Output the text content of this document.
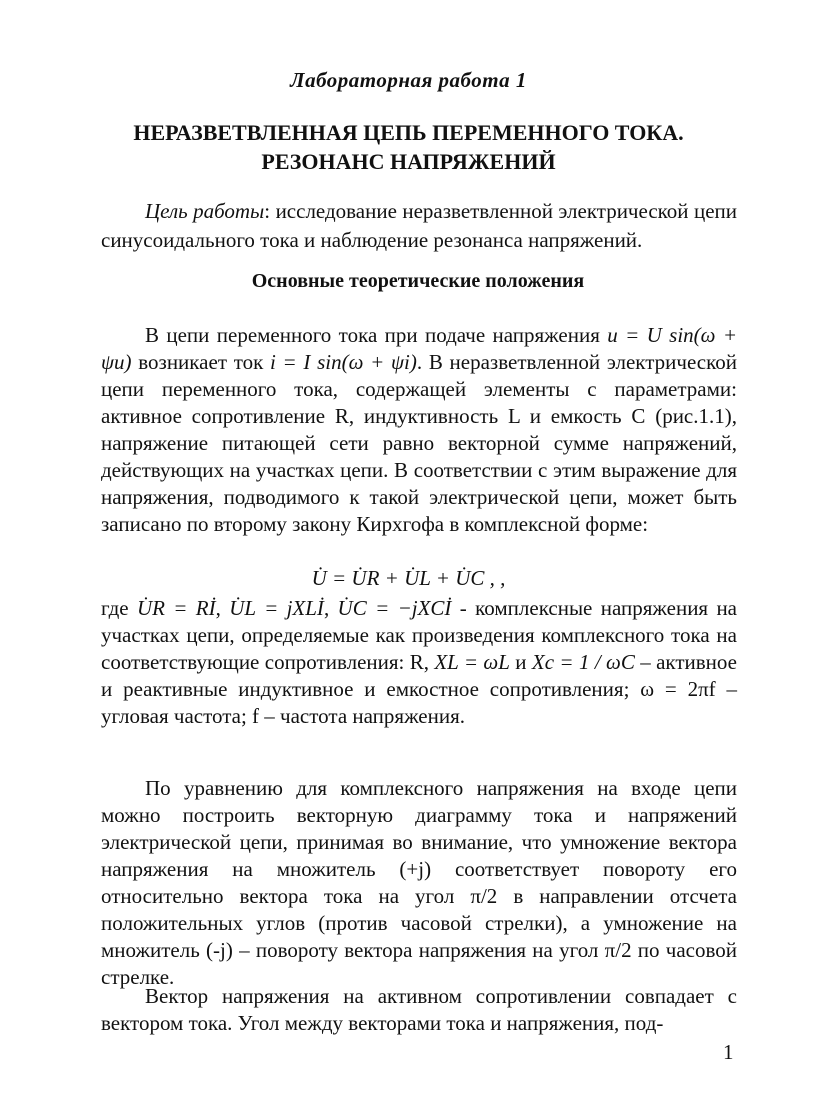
Лабораторная работа 1
НЕРАЗВЕТВЛЕННАЯ ЦЕПЬ ПЕРЕМЕННОГО ТОКА.
РЕЗОНАНС НАПРЯЖЕНИЙ
Цель работы: исследование неразветвленной электрической цепи синусоидального тока и наблюдение резонанса напряжений.
Основные теоретические положения
В цепи переменного тока при подаче напряжения u = U sin(ω + ψu) возникает ток i = I sin(ω + ψi). В неразветвленной электрической цепи переменного тока, содержащей элементы с параметрами: активное сопротивление R, индуктивность L и емкость C (рис.1.1), напряжение питающей сети равно векторной сумме напряжений, действующих на участках цепи. В соответствии с этим выражение для напряжения, подводимого к такой электрической цепи, может быть записано по второму закону Кирхгофа в комплексной форме:
U̇ = U̇R + U̇L + U̇C , ,
где U̇R = Rİ, U̇L = jXLİ, U̇C = −jXCİ - комплексные напряжения на участках цепи, определяемые как произведения комплексного тока на соответствующие сопротивления: R, XL = ωL и Xc = 1 / ωC – активное и реактивные индуктивное и емкостное сопротивления; ω = 2πf – угловая частота; f – частота напряжения.
По уравнению для комплексного напряжения на входе цепи можно построить векторную диаграмму тока и напряжений электрической цепи, принимая во внимание, что умножение вектора напряжения на множитель (+j) соответствует повороту его относительно вектора тока на угол π/2 в направлении отсчета положительных углов (против часовой стрелки), а умножение на множитель (-j) – повороту вектора напряжения на угол π/2 по часовой стрелке.
Вектор напряжения на активном сопротивлении совпадает с вектором тока. Угол между векторами тока и напряжения, под-
1
